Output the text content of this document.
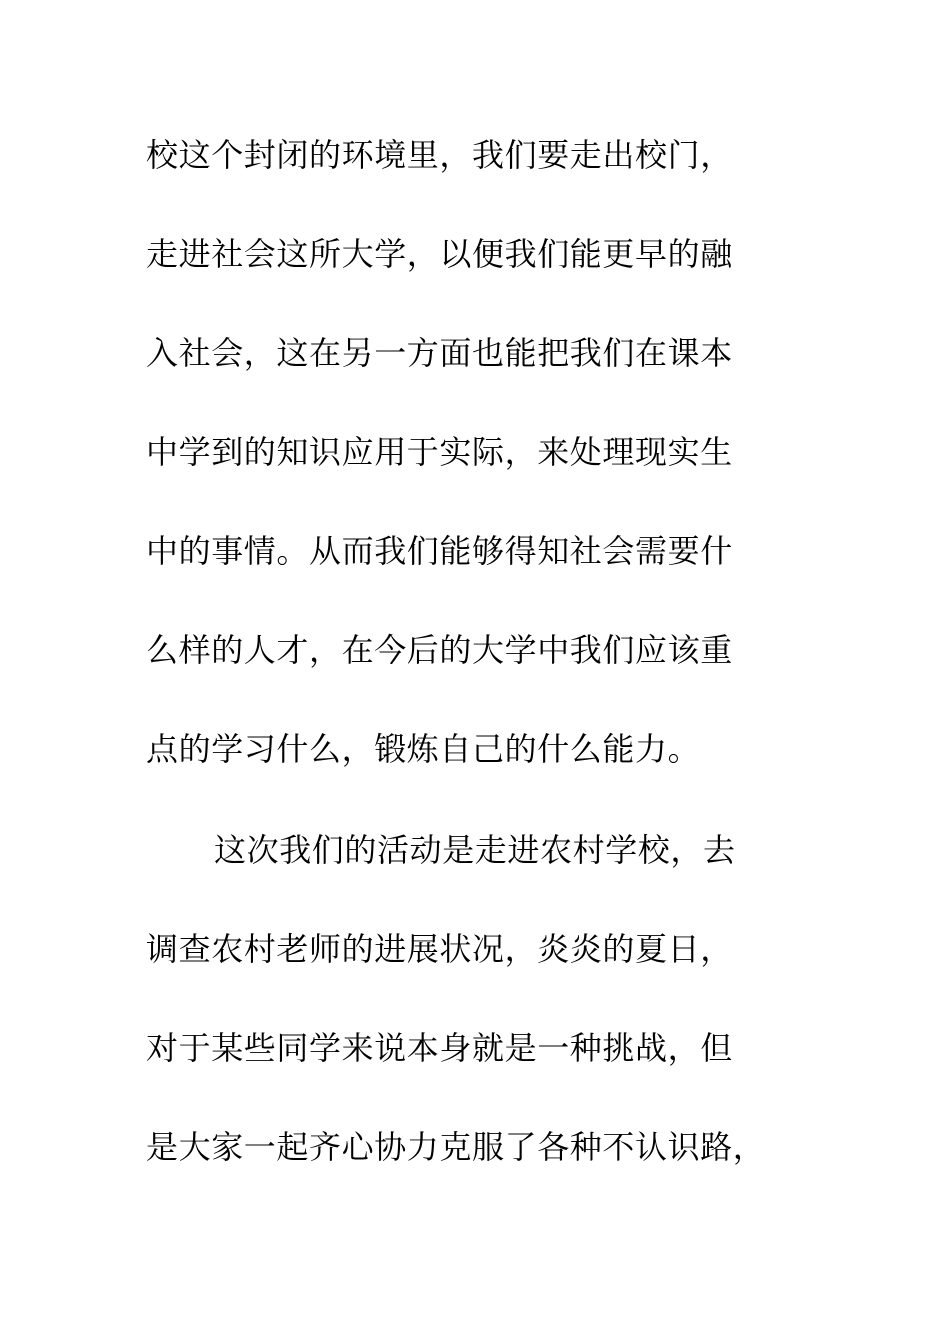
校这个封闭的环境里，我们要走出校门，
走进社会这所大学，以便我们能更早的融
入社会，这在另一方面也能把我们在课本
中学到的知识应用于实际，来处理现实生
中的事情。从而我们能够得知社会需要什
么样的人才，在今后的大学中我们应该重
点的学习什么，锻炼自己的什么能力。
这次我们的活动是走进农村学校，去
调查农村老师的进展状况，炎炎的夏日，
对于某些同学来说本身就是一种挑战，但
是大家一起齐心协力克服了各种不认识路，
